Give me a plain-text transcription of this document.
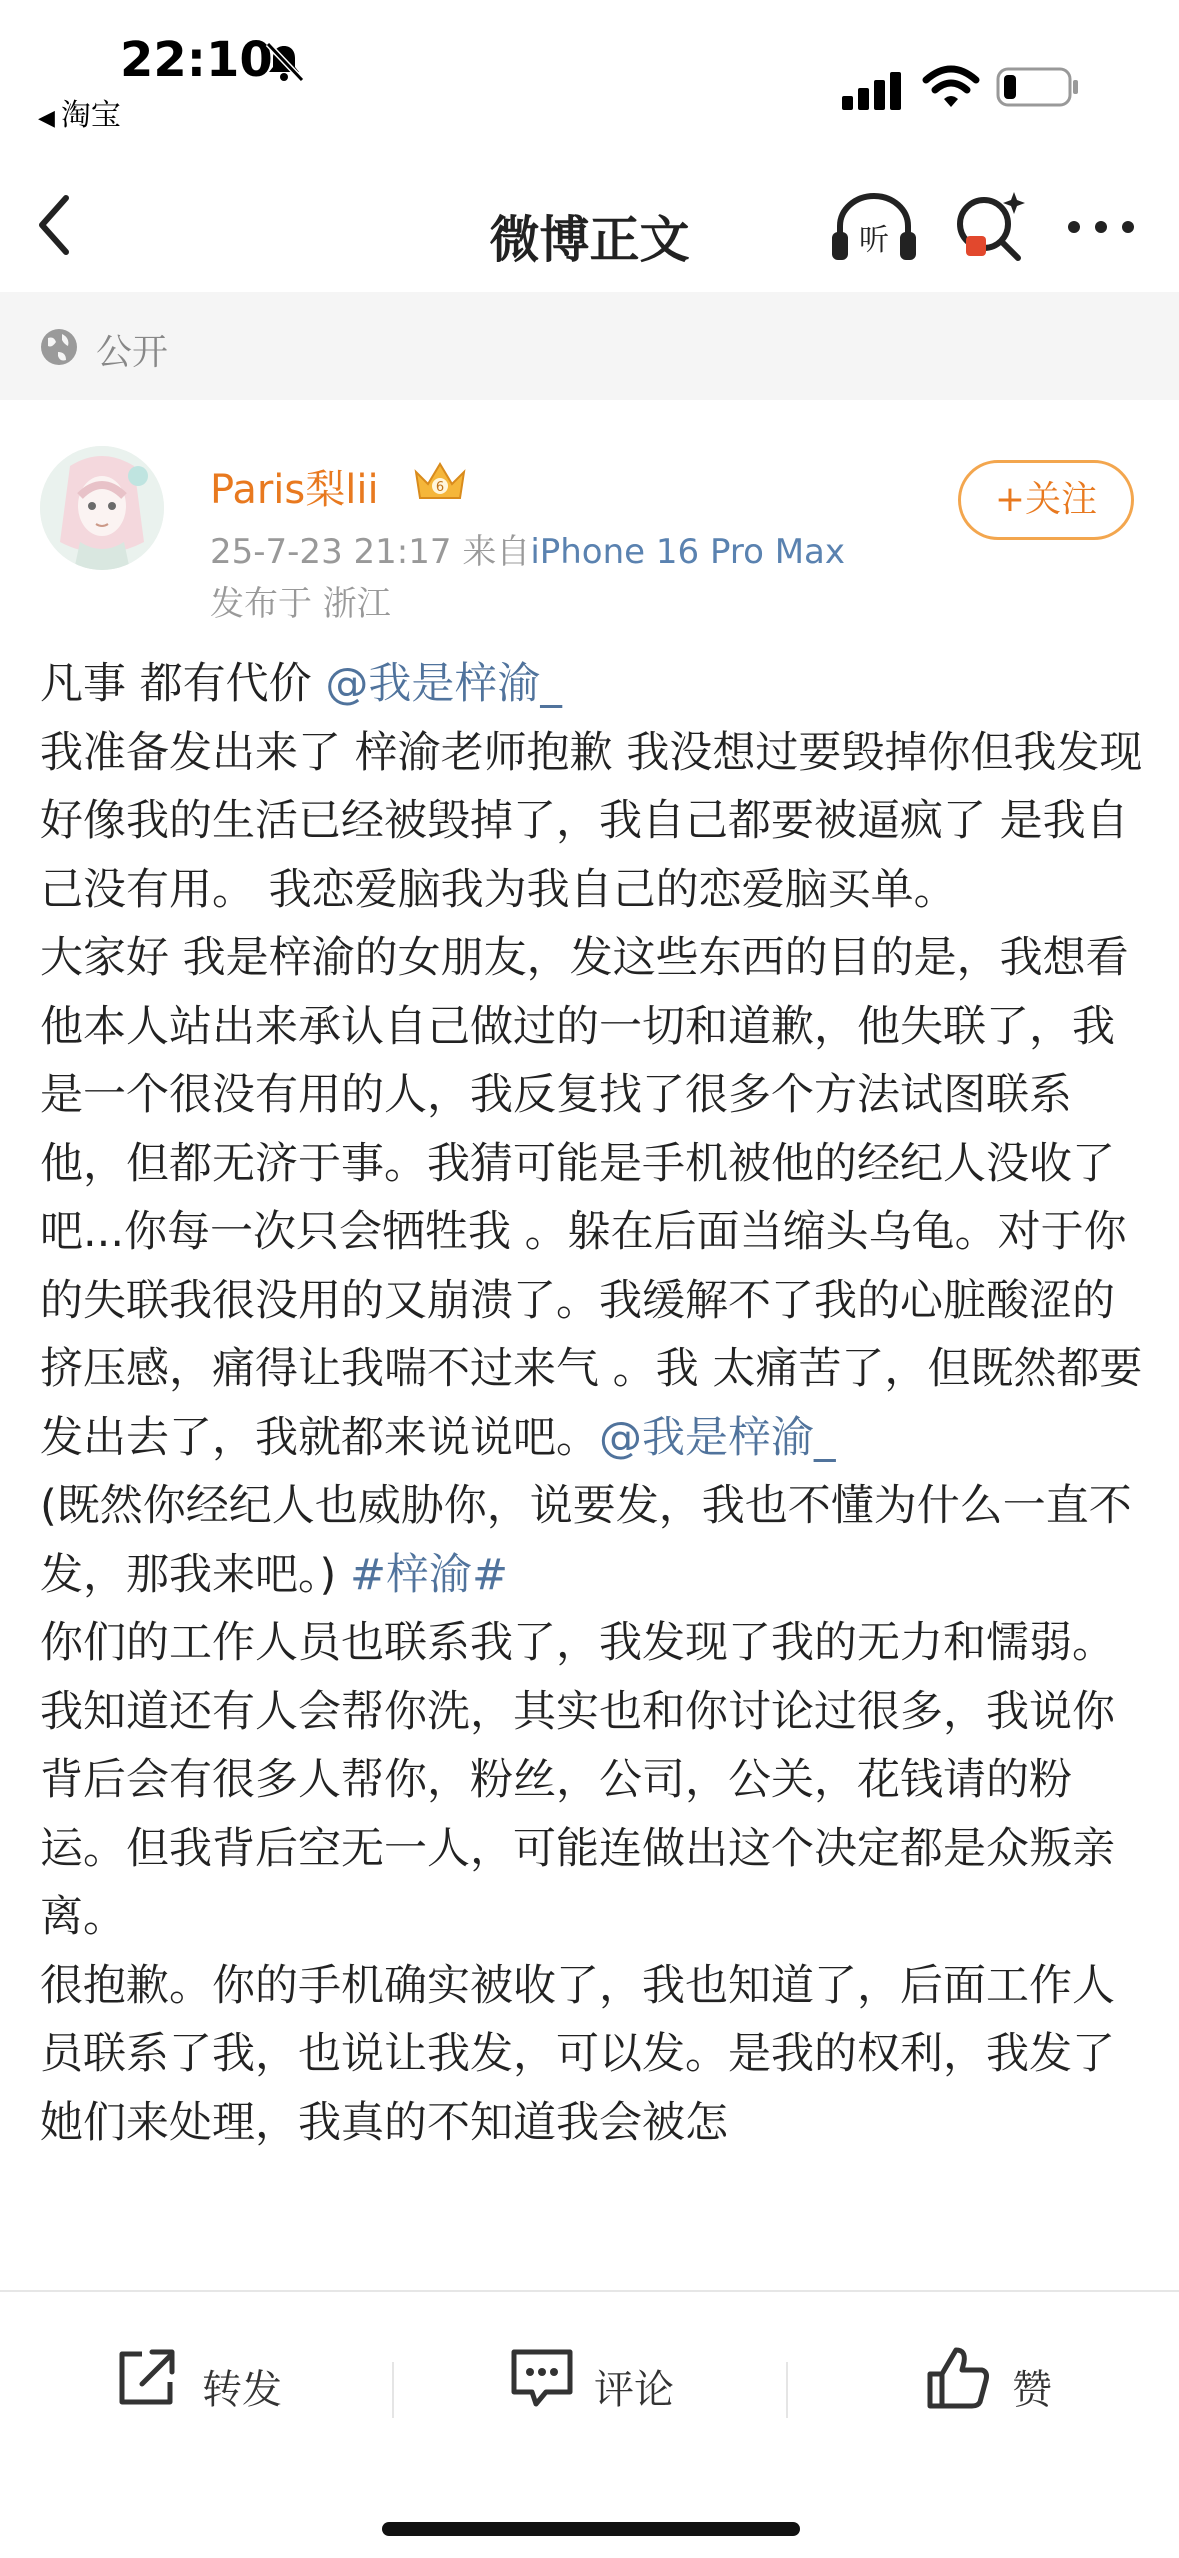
22:10
◀ 淘宝
微博正文	听
公开
Paris梨lii	6
25-7-23 21:17 来自iPhone 16 Pro Max
发布于 浙江
+关注

凡事 都有代价 @我是梓渝_

我准备发出来了 梓渝老师抱歉 我没想过要毁掉你但我发现好像我的生活已经被毁掉了，我自己都要被逼疯了 是我自己没有用。 我恋爱脑我为我自己的恋爱脑买单。

大家好 我是梓渝的女朋友，发这些东西的目的是，我想看他本人站出来承认自己做过的一切和道歉，他失联了，我是一个很没有用的人，我反复找了很多个方法试图联系他，但都无济于事。我猜可能是手机被他的经纪人没收了吧...你每一次只会牺牲我 。躲在后面当缩头乌龟。对于你的失联我很没用的又崩溃了。我缓解不了我的心脏酸涩的挤压感，痛得让我喘不过来气 。我 太痛苦了，但既然都要发出去了，我就都来说说吧。@我是梓渝_

(既然你经纪人也威胁你，说要发，我也不懂为什么一直不发，那我来吧。) #梓渝#

你们的工作人员也联系我了，我发现了我的无力和懦弱。我知道还有人会帮你洗，其实也和你讨论过很多，我说你背后会有很多人帮你，粉丝，公司，公关，花钱请的粉运。但我背后空无一人，可能连做出这个决定都是众叛亲离。

很抱歉。你的手机确实被收了，我也知道了，后面工作人员联系了我，也说让我发，可以发。是我的权利，我发了她们来处理，我真的不知道我会被怎

转发	评论	赞
